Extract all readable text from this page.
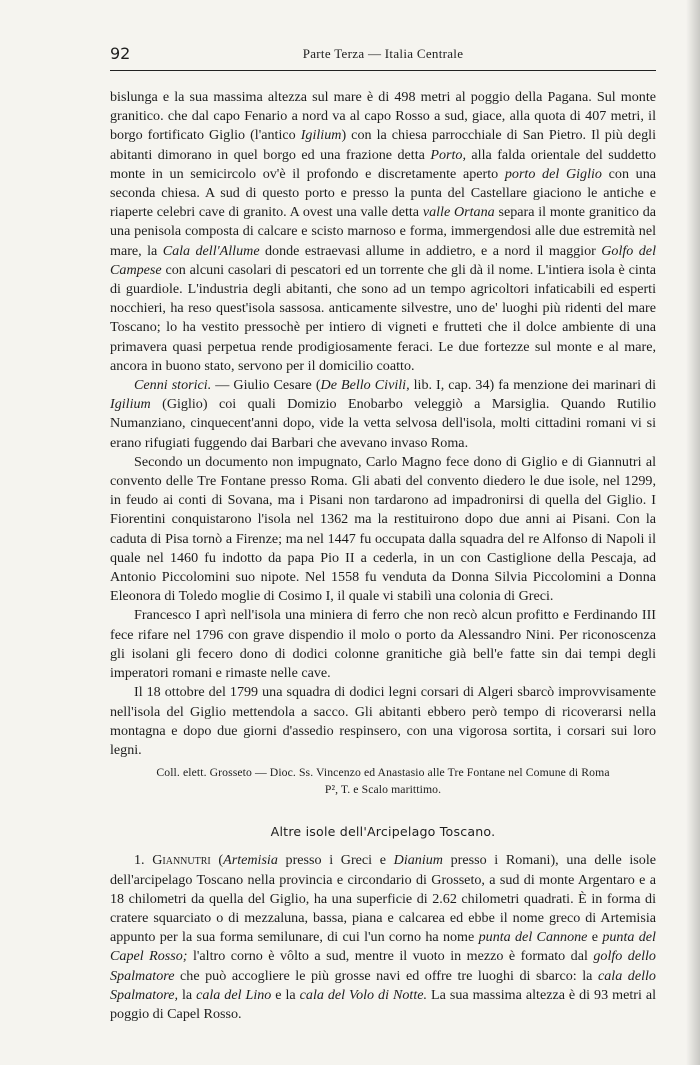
92	Parte Terza — Italia Centrale

bislunga e la sua massima altezza sul mare è di 498 metri al poggio della Pagana. Sul monte granitico. che dal capo Fenario a nord va al capo Rosso a sud, giace, alla quota di 407 metri, il borgo fortificato Giglio (l'antico Igilium) con la chiesa parrocchiale di San Pietro. Il più degli abitanti dimorano in quel borgo ed una frazione detta Porto, alla falda orientale del suddetto monte in un semicircolo ov'è il profondo e discretamente aperto porto del Giglio con una seconda chiesa. A sud di questo porto e presso la punta del Castellare giaciono le antiche e riaperte celebri cave di granito. A ovest una valle detta valle Ortana separa il monte granitico da una penisola composta di calcare e scisto marnoso e forma, immergendosi alle due estremità nel mare, la Cala dell'Allume donde estraevasi allume in addietro, e a nord il maggior Golfo del Campese con alcuni casolari di pescatori ed un torrente che gli dà il nome. L'intiera isola è cinta di guardiole. L'industria degli abitanti, che sono ad un tempo agricoltori infaticabili ed esperti nocchieri, ha reso quest'isola sassosa. anticamente silvestre, uno de' luoghi più ridenti del mare Toscano; lo ha vestito pressochè per intiero di vigneti e frutteti che il dolce ambiente di una primavera quasi perpetua rende prodigiosamente feraci. Le due fortezze sul monte e al mare, ancora in buono stato, servono per il domicilio coatto.

Cenni storici. — Giulio Cesare (De Bello Civili, lib. I, cap. 34) fa menzione dei marinari di Igilium (Giglio) coi quali Domizio Enobarbo veleggiò a Marsiglia. Quando Rutilio Numanziano, cinquecent'anni dopo, vide la vetta selvosa dell'isola, molti cittadini romani vi si erano rifugiati fuggendo dai Barbari che avevano invaso Roma.

Secondo un documento non impugnato, Carlo Magno fece dono di Giglio e di Giannutri al convento delle Tre Fontane presso Roma. Gli abati del convento diedero le due isole, nel 1299, in feudo ai conti di Sovana, ma i Pisani non tardarono ad impadronirsi di quella del Giglio. I Fiorentini conquistarono l'isola nel 1362 ma la restituirono dopo due anni ai Pisani. Con la caduta di Pisa tornò a Firenze; ma nel 1447 fu occupata dalla squadra del re Alfonso di Napoli il quale nel 1460 fu indotto da papa Pio II a cederla, in un con Castiglione della Pescaja, ad Antonio Piccolomini suo nipote. Nel 1558 fu venduta da Donna Silvia Piccolomini a Donna Eleonora di Toledo moglie di Cosimo I, il quale vi stabilì una colonia di Greci.

Francesco I aprì nell'isola una miniera di ferro che non recò alcun profitto e Ferdinando III fece rifare nel 1796 con grave dispendio il molo o porto da Alessandro Nini. Per riconoscenza gli isolani gli fecero dono di dodici colonne granitiche già bell'e fatte sin dai tempi degli imperatori romani e rimaste nelle cave.

Il 18 ottobre del 1799 una squadra di dodici legni corsari di Algeri sbarcò improvvisamente nell'isola del Giglio mettendola a sacco. Gli abitanti ebbero però tempo di ricoverarsi nella montagna e dopo due giorni d'assedio respinsero, con una vigorosa sortita, i corsari sui loro legni.

Coll. elett. Grosseto — Dioc. Ss. Vincenzo ed Anastasio alle Tre Fontane nel Comune di Roma
P², T. e Scalo marittimo.
Altre isole dell'Arcipelago Toscano.

1. Giannutri (Artemisia presso i Greci e Dianium presso i Romani), una delle isole dell'arcipelago Toscano nella provincia e circondario di Grosseto, a sud di monte Argentaro e a 18 chilometri da quella del Giglio, ha una superficie di 2.62 chilometri quadrati. È in forma di cratere squarciato o di mezzaluna, bassa, piana e calcarea ed ebbe il nome greco di Artemisia appunto per la sua forma semilunare, di cui l'un corno ha nome punta del Cannone e punta del Capel Rosso; l'altro corno è vôlto a sud, mentre il vuoto in mezzo è formato dal golfo dello Spalmatore che può accogliere le più grosse navi ed offre tre luoghi di sbarco: la cala dello Spalmatore, la cala del Lino e la cala del Volo di Notte. La sua massima altezza è di 93 metri al poggio di Capel Rosso.
